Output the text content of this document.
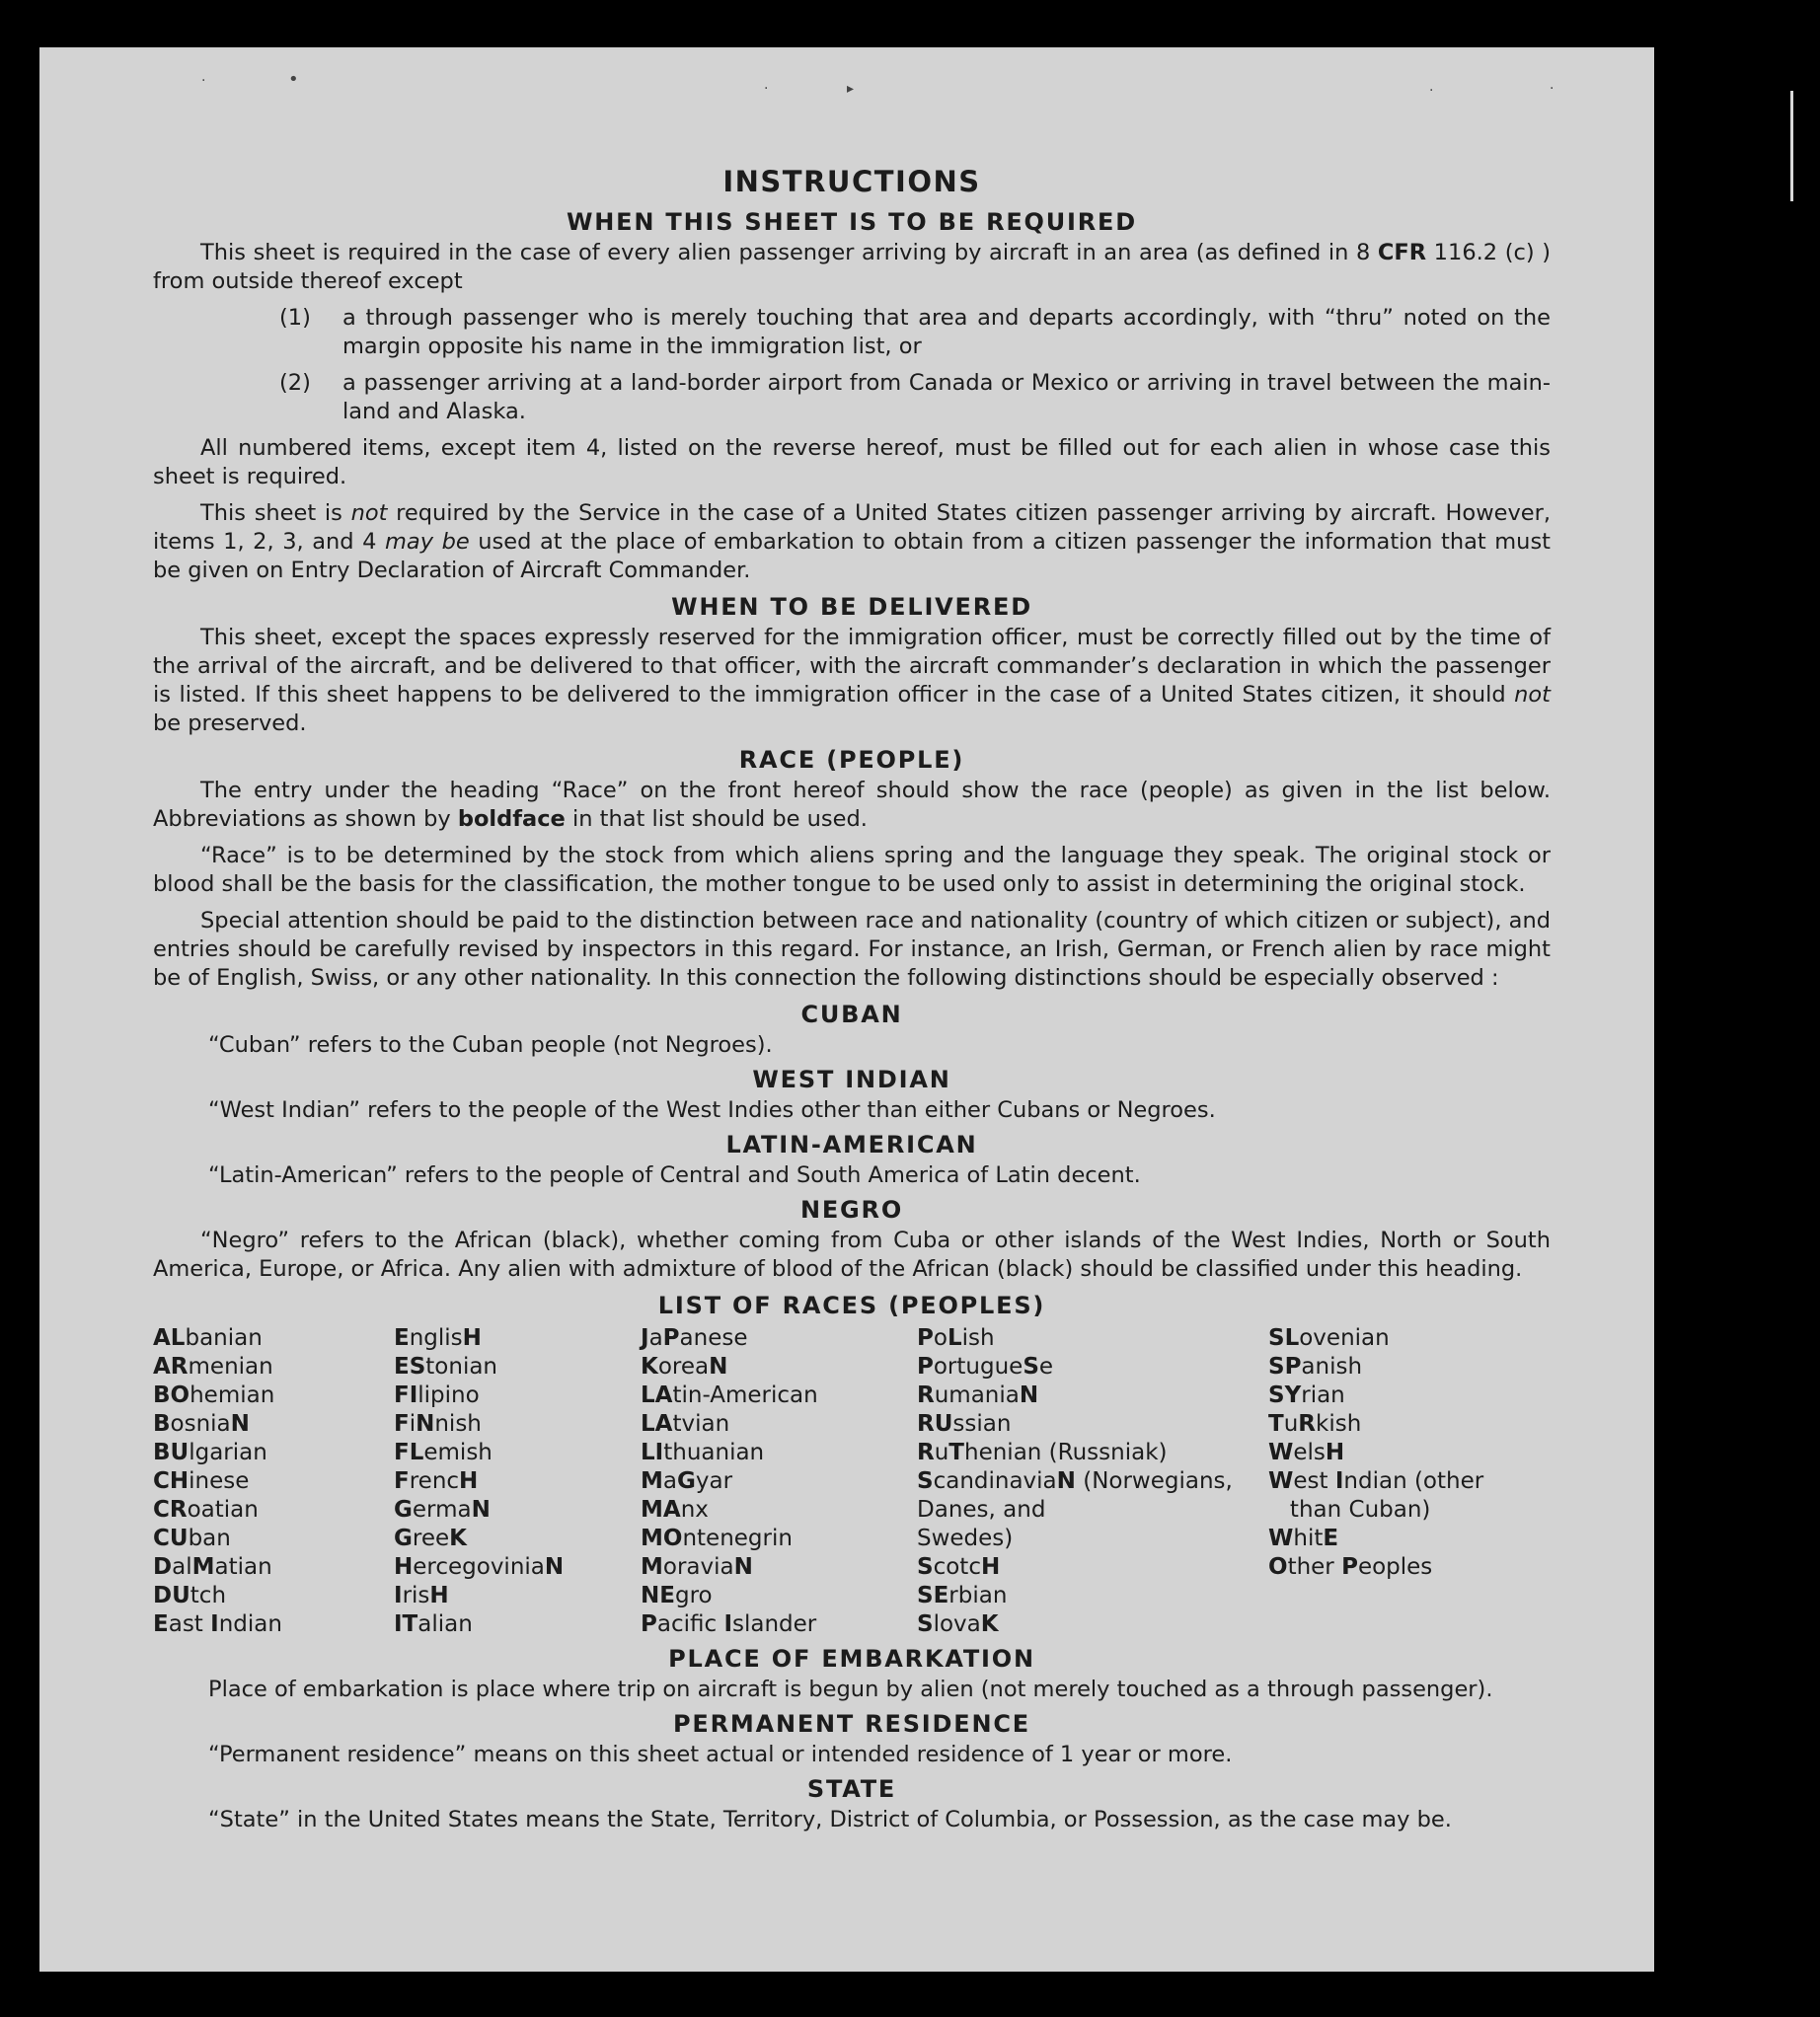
·	•	·	▸	·	·
INSTRUCTIONS
WHEN THIS SHEET IS TO BE REQUIRED

This sheet is required in the case of every alien passenger arriving by aircraft in an area (as defined in 8 CFR 116.2 (c) ) from outside thereof except

(1)	a through passenger who is merely touching that area and departs accordingly, with “thru” noted on the margin opposite his name in the immigration list, or
(2)	a passenger arriving at a land-border airport from Canada or Mexico or arriving in travel between the main-land and Alaska.

All numbered items, except item 4, listed on the reverse hereof, must be filled out for each alien in whose case this sheet is required.

This sheet is not required by the Service in the case of a United States citizen passenger arriving by aircraft. However, items 1, 2, 3, and 4 may be used at the place of embarkation to obtain from a citizen passenger the information that must be given on Entry Declaration of Aircraft Commander.

WHEN TO BE DELIVERED

This sheet, except the spaces expressly reserved for the immigration officer, must be correctly filled out by the time of the arrival of the aircraft, and be delivered to that officer, with the aircraft commander’s declaration in which the passenger is listed. If this sheet happens to be delivered to the immigration officer in the case of a United States citizen, it should not be preserved.

RACE (PEOPLE)

The entry under the heading “Race” on the front hereof should show the race (people) as given in the list below. Abbreviations as shown by boldface in that list should be used.

“Race” is to be determined by the stock from which aliens spring and the language they speak. The original stock or blood shall be the basis for the classification, the mother tongue to be used only to assist in determining the original stock.

Special attention should be paid to the distinction between race and nationality (country of which citizen or subject), and entries should be carefully revised by inspectors in this regard. For instance, an Irish, German, or French alien by race might be of English, Swiss, or any other nationality. In this connection the following distinctions should be especially observed :

CUBAN

“Cuban” refers to the Cuban people (not Negroes).

WEST INDIAN

“West Indian” refers to the people of the West Indies other than either Cubans or Negroes.

LATIN-AMERICAN

“Latin-American” refers to the people of Central and South America of Latin decent.

NEGRO

“Negro” refers to the African (black), whether coming from Cuba or other islands of the West Indies, North or South America, Europe, or Africa. Any alien with admixture of blood of the African (black) should be classified under this heading.

LIST OF RACES (PEOPLES)
ALbanian
ARmenian
BOhemian
BosniaN
BUlgarian
CHinese
CRoatian
CUban
DalMatian
DUtch
East Indian
EnglisH
EStonian
FIlipino
FiNnish
FLemish
FrencH
GermaN
GreeK
HercegoviniaN
IrisH
ITalian
JaPanese
KoreaN
LAtin-American
LAtvian
LIthuanian
MaGyar
MAnx
MOntenegrin
MoraviaN
NEgro
Pacific Islander
PoLish
PortugueSe
RumaniaN
RUssian
RuThenian (Russniak)
ScandinaviaN (Norwegians,
Danes, and
Swedes)
ScotcH
SErbian
SlovaK
SLovenian
SPanish
SYrian
TuRkish
WelsH
West Indian (other
than Cuban)
WhitE
Other Peoples
PLACE OF EMBARKATION

Place of embarkation is place where trip on aircraft is begun by alien (not merely touched as a through passenger).

PERMANENT RESIDENCE

“Permanent residence” means on this sheet actual or intended residence of 1 year or more.

STATE

“State” in the United States means the State, Territory, District of Columbia, or Possession, as the case may be.
